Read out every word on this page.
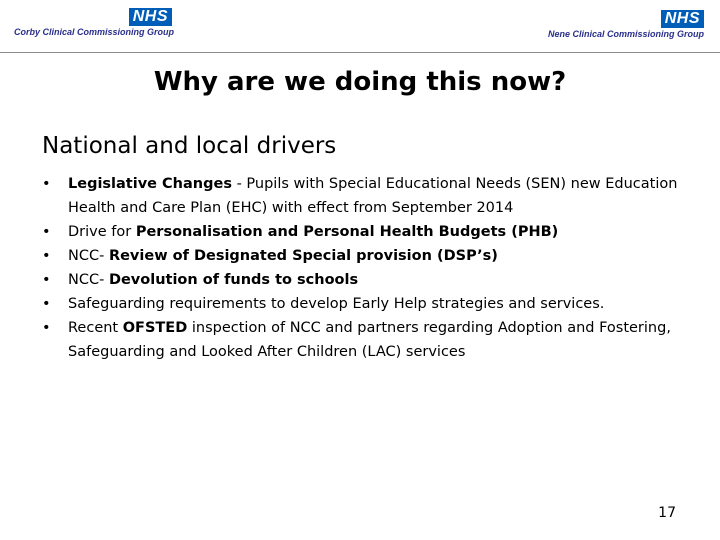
NHS
Corby Clinical Commissioning Group
NHS
Nene Clinical Commissioning Group
Why are we doing this now?
National and local drivers
•	Legislative Changes - Pupils with Special Educational Needs (SEN) new Education Health and Care Plan (EHC) with effect from September 2014
•	Drive for Personalisation and Personal Health Budgets (PHB)
•	NCC- Review of Designated Special provision (DSP’s)
•	NCC- Devolution of funds to schools
•	Safeguarding requirements to develop Early Help strategies and services.
•	Recent OFSTED inspection of NCC and partners regarding Adoption and Fostering, Safeguarding and Looked After Children (LAC) services
17
